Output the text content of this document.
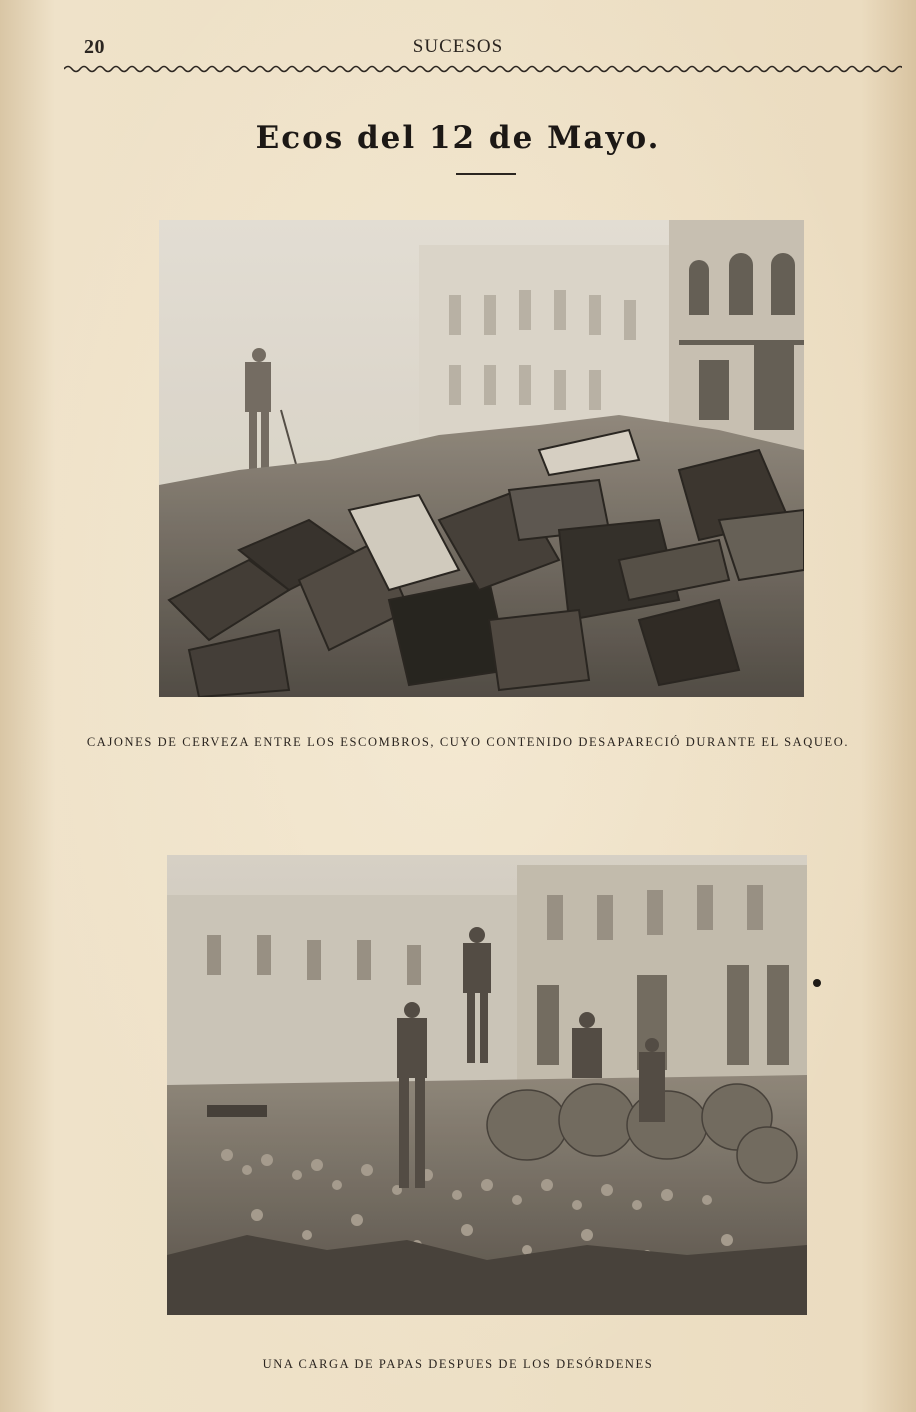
20	SUCESOS
Ecos del 12 de Mayo.
CAJONES DE CERVEZA ENTRE LOS ESCOMBROS, CUYO CONTENIDO DESAPARECIÓ DURANTE EL SAQUEO.
UNA CARGA DE PAPAS DESPUES DE LOS DESÓRDENES
